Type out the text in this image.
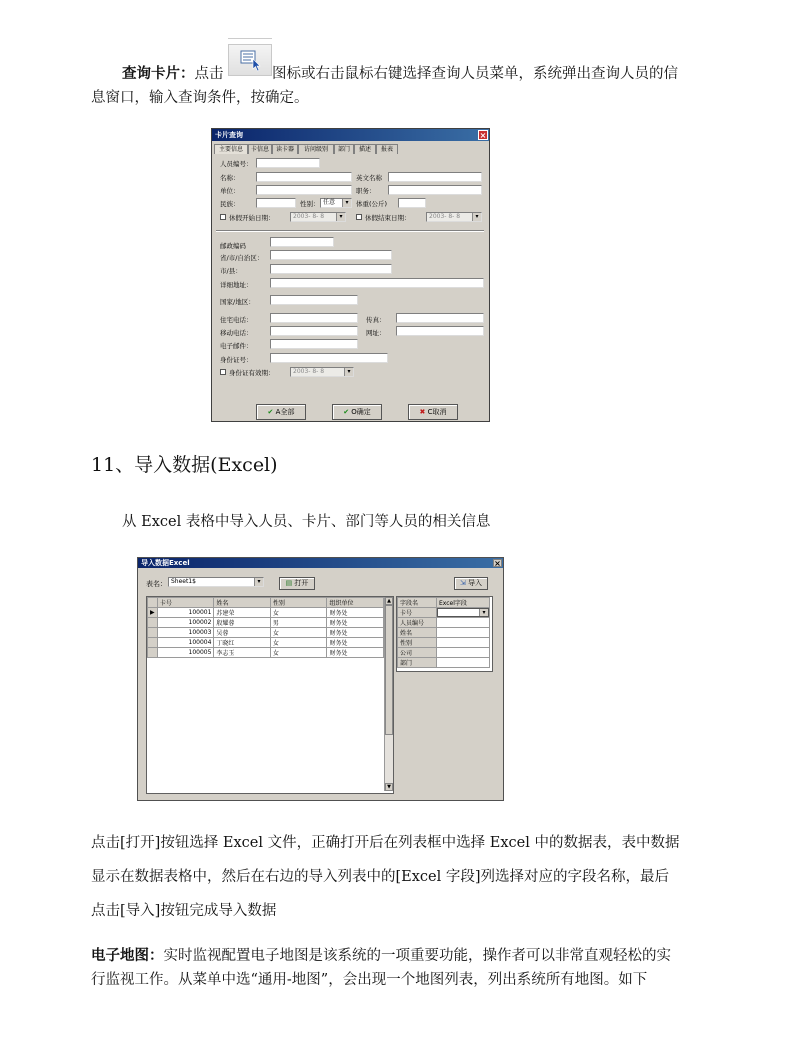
查询卡片：点击	图标或右击鼠标右键选择查询人员菜单，系统弹出查询人员的信
息窗口，输入查询条件，按确定。
卡片查询	×
主要信息	卡信息	读卡器	访问级别	部门	描述	报表
人员编号：
名称：	英文名称
单位：	职务：
民族：	性别： 任意	▾	体重(公斤)
休假开始日期：	2003- 8- 8	▾	休假结束日期：	2003- 8- 8	▾
邮政编码
省/市/自治区：
市/县：
详细地址：
国家/地区：
住宅电话：	传真：
移动电话：	网址：
电子邮件：
身份证号：
身份证有效期：	2003- 8- 8	▾
✔ A全部	✔ O确定	✖ C取消
11、导入数据(Excel)
从 Excel 表格中导入人员、卡片、部门等人员的相关信息
导入数据Excel	×
表名： Sheet1$	▾	▤ 打开	⇲ 导入
	卡号	姓名	性别	组织单位
▶	100001	苏建荣	女	财务处
	100002	殷耀蓉	男	财务处
	100003	吴蓉	女	财务处
	100004	丁晓红	女	财务处
	100005	李志玉	女	财务处
▲
▼
字段名	Excel字段
卡号	▾

人员编号	
姓名	
性别	
公司	
部门	
点击[打开]按钮选择 Excel 文件，正确打开后在列表框中选择 Excel 中的数据表，表中数据
显示在数据表格中，然后在右边的导入列表中的[Excel 字段]列选择对应的字段名称，最后
点击[导入]按钮完成导入数据
电子地图：实时监视配置电子地图是该系统的一项重要功能，操作者可以非常直观轻松的实
行监视工作。从菜单中选“通用-地图”，会出现一个地图列表，列出系统所有地图。如下
